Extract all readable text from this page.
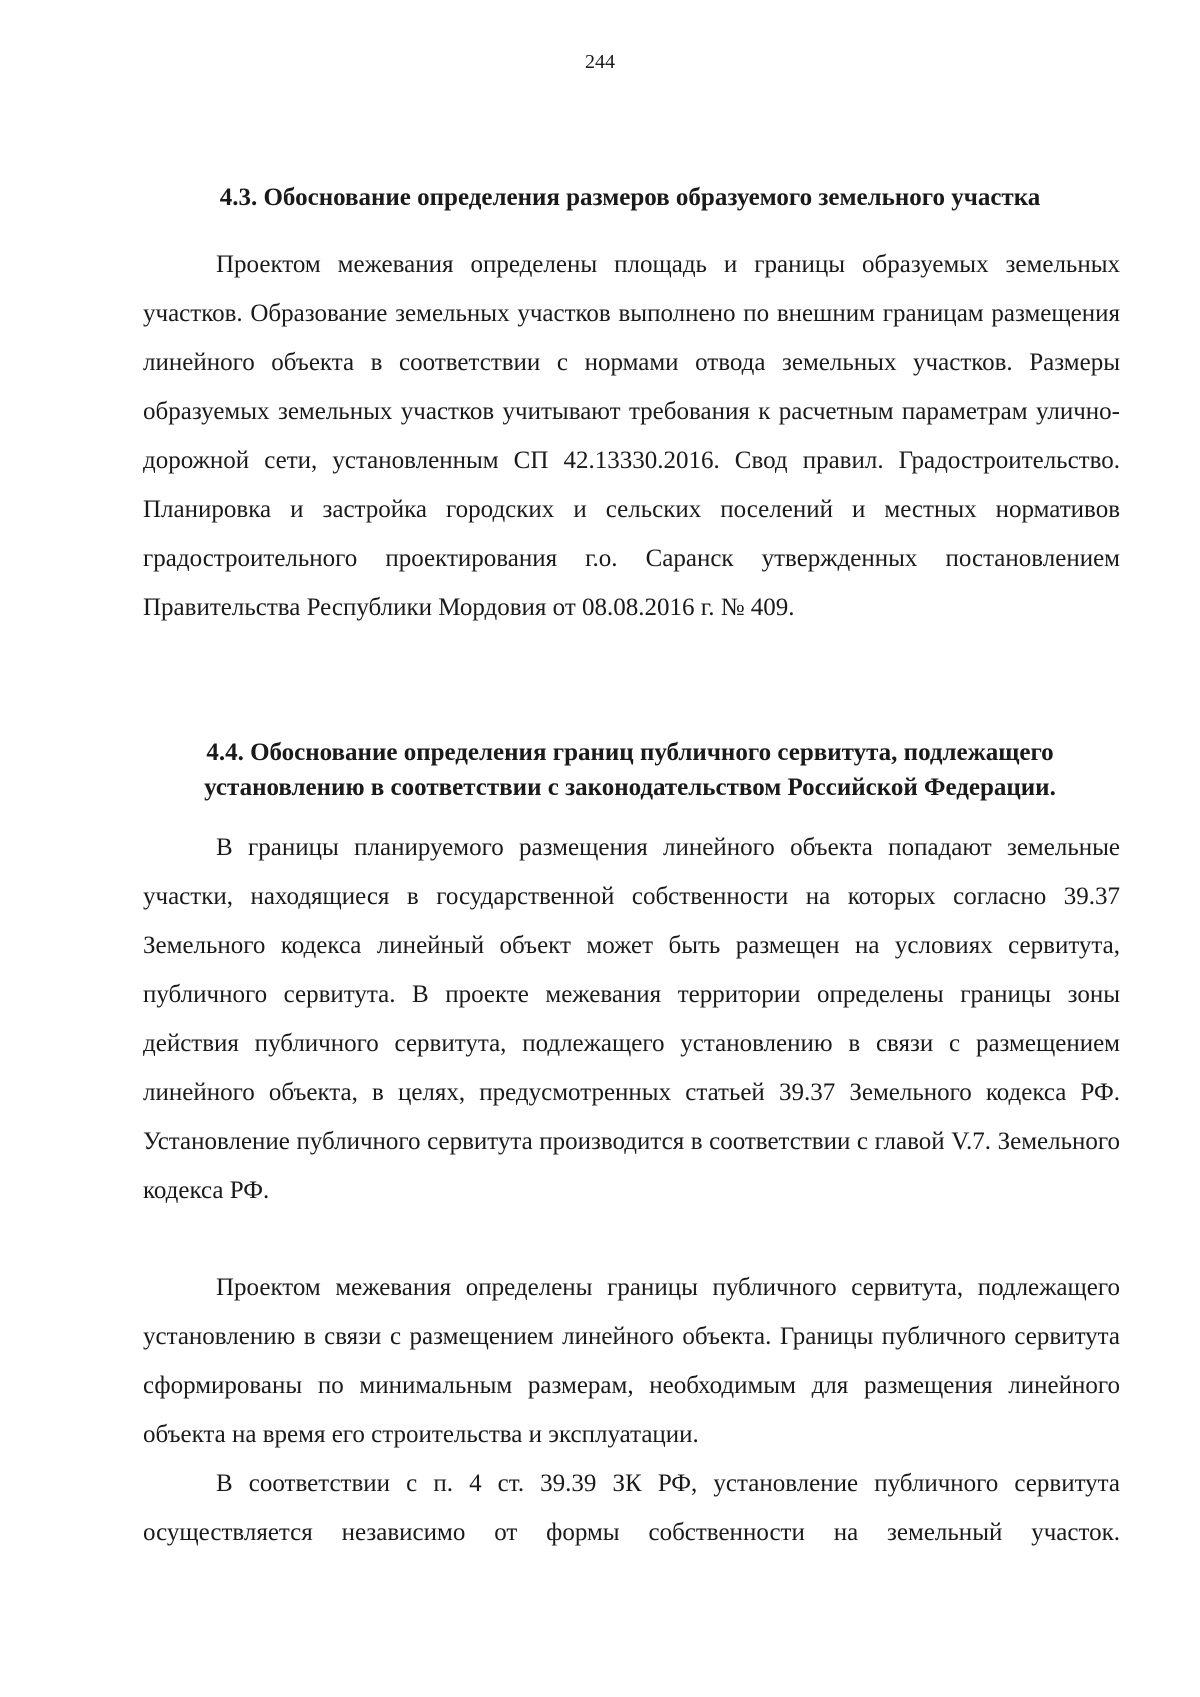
244
4.3. Обоснование определения размеров образуемого земельного участка

Проектом межевания определены площадь и границы образуемых земельных участков. Образование земельных участков выполнено по внешним границам размещения линейного объекта в соответствии с нормами отвода земельных участков. Размеры образуемых земельных участков учитывают требования к расчетным параметрам улично-дорожной сети, установленным СП 42.13330.2016. Свод правил. Градостроительство. Планировка и застройка городских и сельских поселений и местных нормативов градостроительного проектирования г.о. Саранск утвержденных постановлением Правительства Республики Мордовия от 08.08.2016 г. № 409.

4.4. Обоснование определения границ публичного сервитута, подлежащего
установлению в соответствии с законодательством Российской Федерации.

В границы планируемого размещения линейного объекта попадают земельные участки, находящиеся в государственной собственности на которых согласно 39.37 Земельного кодекса линейный объект может быть размещен на условиях сервитута, публичного сервитута. В проекте межевания территории определены границы зоны действия публичного сервитута, подлежащего установлению в связи с размещением линейного объекта, в целях, предусмотренных статьей 39.37 Земельного кодекса РФ. Установление публичного сервитута производится в соответствии с главой V.7. Земельного кодекса РФ.

Проектом межевания определены границы публичного сервитута, подлежащего установлению в связи с размещением линейного объекта. Границы публичного сервитута сформированы по минимальным размерам, необходимым для размещения линейного объекта на время его строительства и эксплуатации.

В соответствии с п. 4 ст. 39.39 ЗК РФ, установление публичного сервитута осуществляется независимо от формы собственности на земельный участок.
